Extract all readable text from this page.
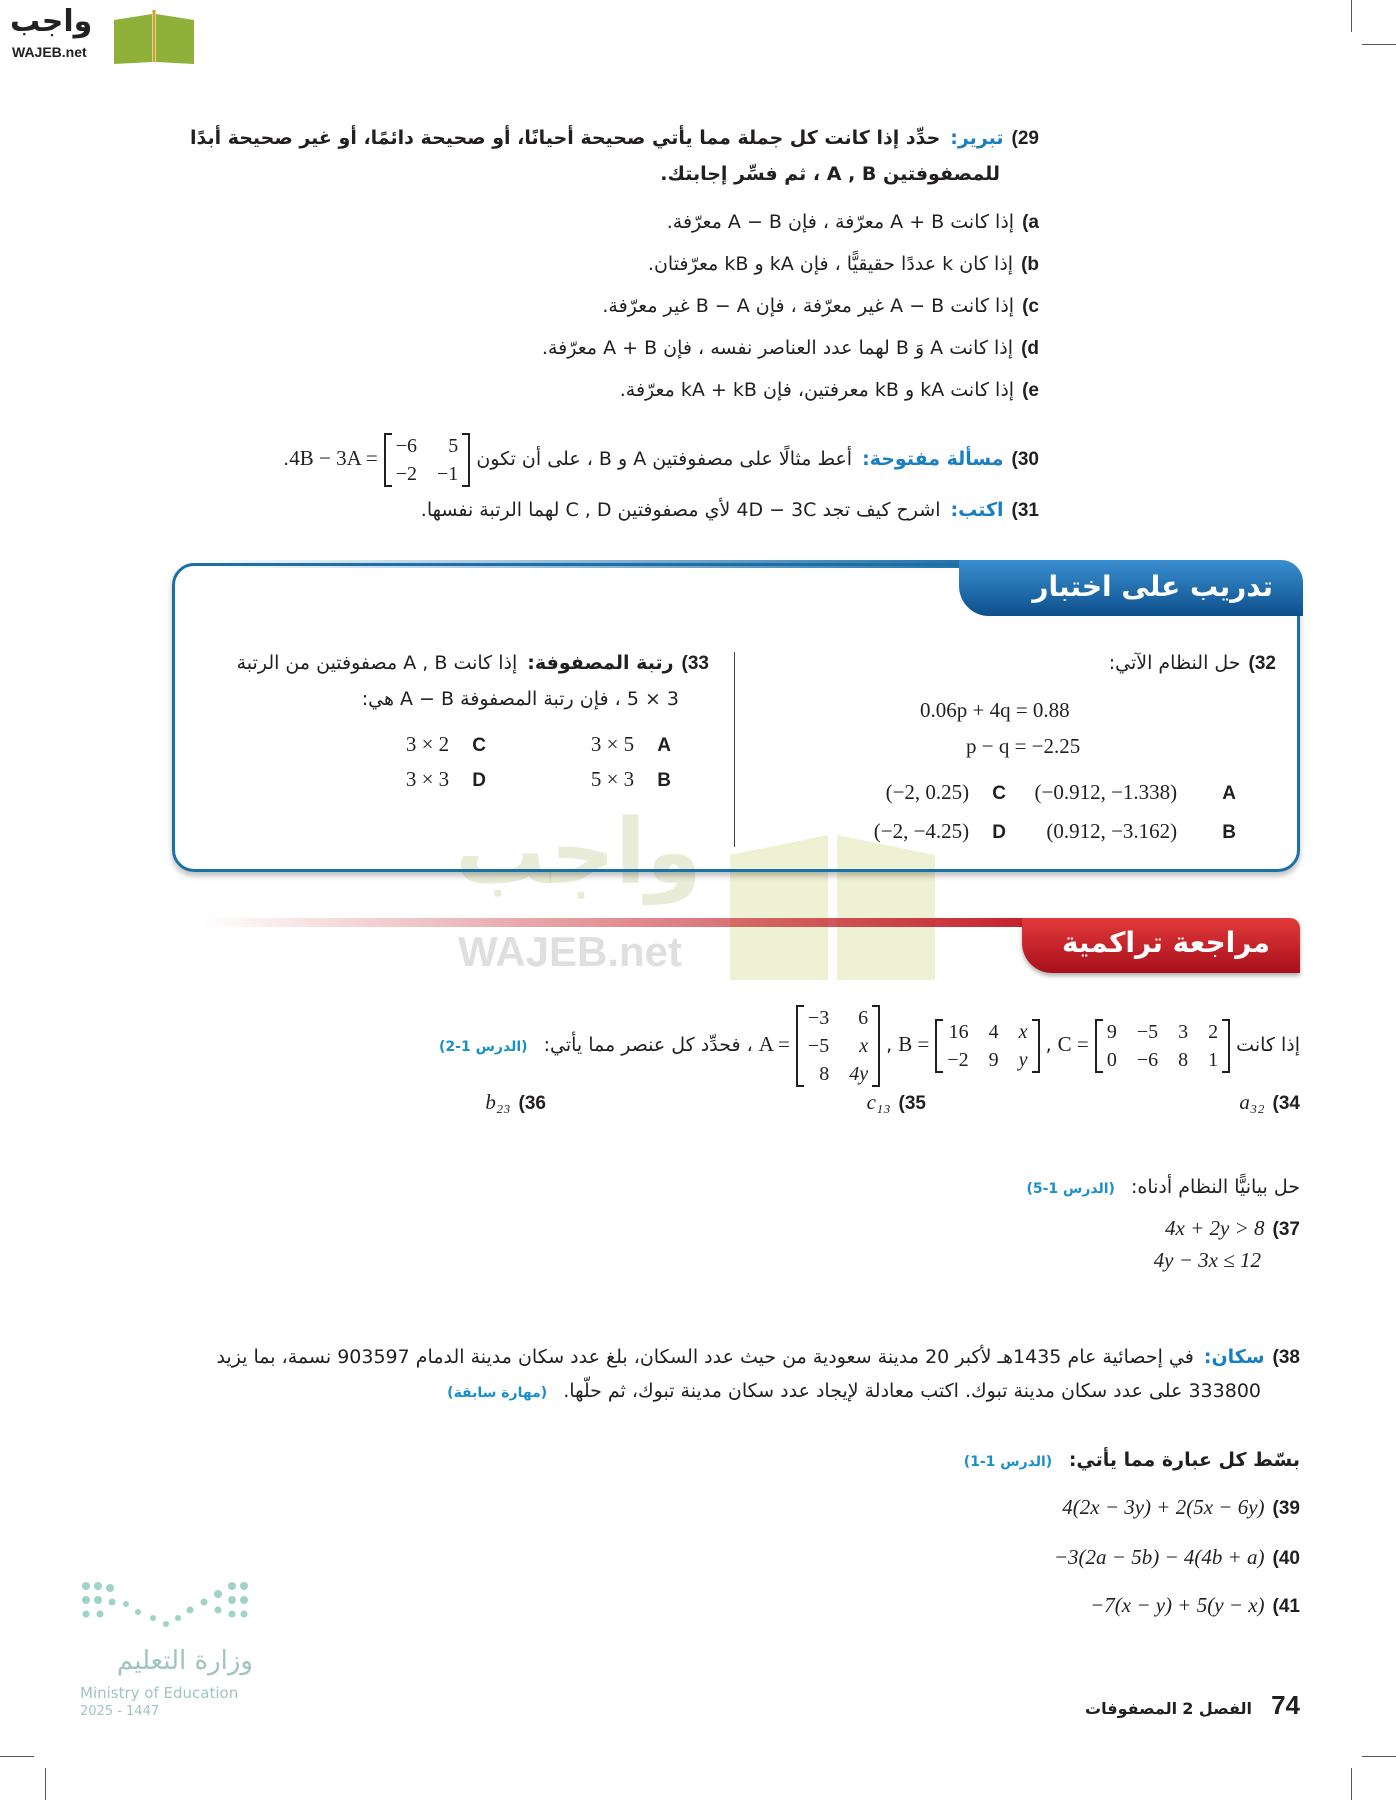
واجب
WAJEB.net
واجب
WAJEB.net
29)تبرير:حدِّد إذا كانت كل جملة مما يأتي صحيحة أحيانًا، أو صحيحة دائمًا، أو غير صحيحة أبدًا
للمصفوفتين A , B ، ثم فسِّر إجابتك.
a)إذا كانت A + B معرّفة ، فإن A − B معرّفة.
b)إذا كان k عددًا حقيقيًّا ، فإن kA و kB معرّفتان.
c)إذا كانت A − B غير معرّفة ، فإن B − A غير معرّفة.
d)إذا كانت A وَ B لهما عدد العناصر نفسه ، فإن A + B معرّفة.
e)إذا كانت kA و kB معرفتين، فإن kA + kB معرّفة.
30)مسألة مفتوحة:أعط مثالًا على مصفوفتين A و B ، على أن تكون
−6	5
−2 −1
4B − 3A =.
31)اكتب:اشرح كيف تجد 4D − 3C لأي مصفوفتين C , D لهما الرتبة نفسها.
تدريب على اختبار
32)حل النظام الآتي:
0.06p + 4q = 0.88
p − q = −2.25
A (−0.912, −1.338)
C (−2, 0.25)
B (0.912, −3.162)
D (−2, −4.25)
33)رتبة المصفوفة:إذا كانت A , B مصفوفتين من الرتبة
3 × 5 ، فإن رتبة المصفوفة A − B هي:
A 3 × 5
C 3 × 2
B 5 × 3
D 3 × 3
مراجعة تراكمية
إذا كانت
9 −5 3 2
0 −6 8 1
C = ,
16 4 x
−2 9 y
B = ,
−3	6
−5	x
8 4y
A = ، فحدِّد كل عنصر مما يأتي: (الدرس 1-2)
34)a₃₂
35)c₁₃
36)b₂₃
حل بيانيًّا النظام أدناه: (الدرس 1-5)
37)4x + 2y > 8
4y − 3x ≤ 12
38)سكان:في إحصائية عام 1435هـ لأكبر 20 مدينة سعودية من حيث عدد السكان، بلغ عدد سكان مدينة الدمام 903597 نسمة، بما يزيد
333800 على عدد سكان مدينة تبوك. اكتب معادلة لإيجاد عدد سكان مدينة تبوك، ثم حلّها. (مهارة سابقة)
بسّط كل عبارة مما يأتي: (الدرس 1-1)
39)4(2x − 3y) + 2(5x − 6y)
40)−3(2a − 5b) − 4(4b + a)
41)−7(x − y) + 5(y − x)
وزارة التعليم
Ministry of Education
2025 - 1447	74 الفصل 2 المصفوفات
